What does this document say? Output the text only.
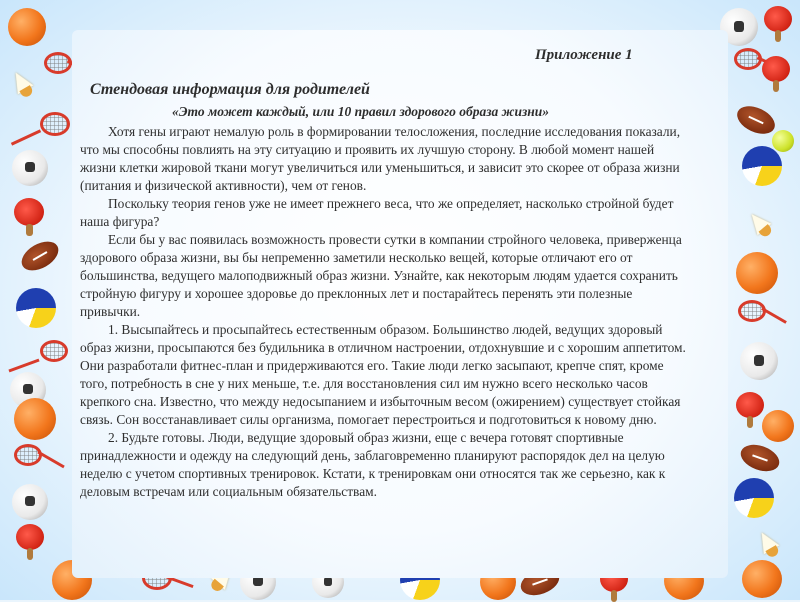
Приложение 1
Стендовая информация для родителей
«Это может каждый, или 10 правил здорового образа жизни»

Хотя гены играют немалую роль в формировании телосложения, последние исследования показали, что мы способны повлиять на эту ситуацию и проявить их лучшую сторону. В любой момент нашей жизни клетки жировой ткани могут увеличиться или уменьшиться, и зависит это скорее от образа жизни (питания и физической активности), чем от генов.

Поскольку теория генов уже не имеет прежнего веса, что же определяет, насколько стройной будет наша фигура?

Если бы у вас появилась возможность провести сутки в компании стройного человека, приверженца здорового образа жизни, вы бы непременно заметили несколько вещей, которые отличают его от большинства, ведущего малоподвижный образ жизни. Узнайте, как некоторым людям удается сохранить стройную фигуру и хорошее здоровье до преклонных лет и постарайтесь перенять эти полезные привычки.

1. Высыпайтесь и просыпайтесь естественным образом. Большинство людей, ведущих здоровый образ жизни, просыпаются без будильника в отличном настроении, отдохнувшие и с хорошим аппетитом. Они разработали фитнес-план и придерживаются его. Такие люди легко засыпают, крепче спят, кроме того, потребность в сне у них меньше, т.е. для восстановления сил им нужно всего несколько часов крепкого сна. Известно, что между недосыпанием и избыточным весом (ожирением) существует стойкая связь. Сон восстанавливает силы организма, помогает перестроиться и подготовиться к новому дню.

2. Будьте готовы. Люди, ведущие здоровый образ жизни, еще с вечера готовят спортивные принадлежности и одежду на следующий день, заблаговременно планируют распорядок дел на целую неделю с учетом спортивных тренировок. Кстати, к тренировкам они относятся так же серьезно, как к деловым встречам или социальным обязательствам.
